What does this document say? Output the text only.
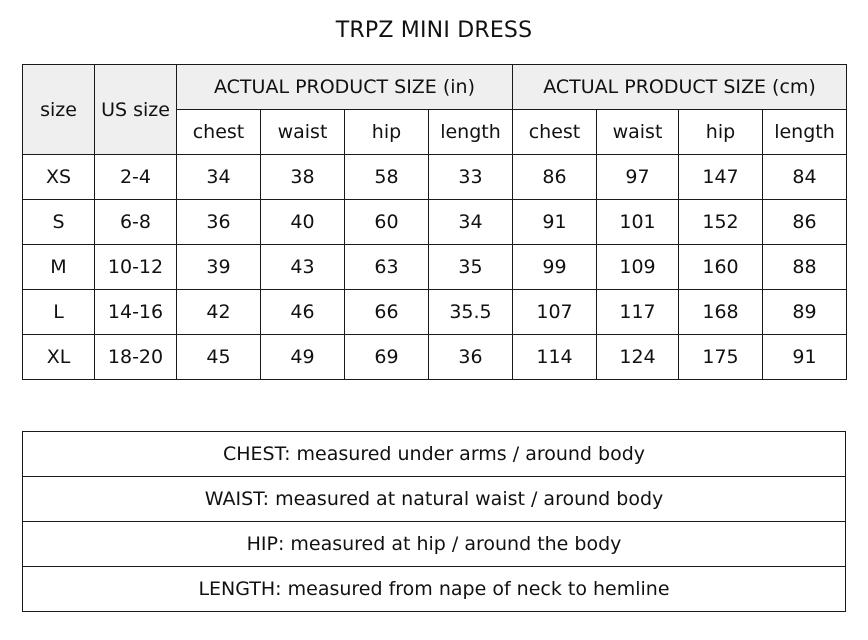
TRPZ MINI DRESS
size	US size	ACTUAL PRODUCT SIZE (in)				ACTUAL PRODUCT SIZE (cm)			
		chest	waist	hip	length	chest	waist	hip	length
XS	2-4	34	38	58	33	86	97	147	84
S	6-8	36	40	60	34	91	101	152	86
M	10-12	39	43	63	35	99	109	160	88
L	14-16	42	46	66	35.5	107	117	168	89
XL	18-20	45	49	69	36	114	124	175	91
CHEST: measured under arms / around body
WAIST: measured at natural waist / around body
HIP: measured at hip / around the body
LENGTH: measured from nape of neck to hemline
